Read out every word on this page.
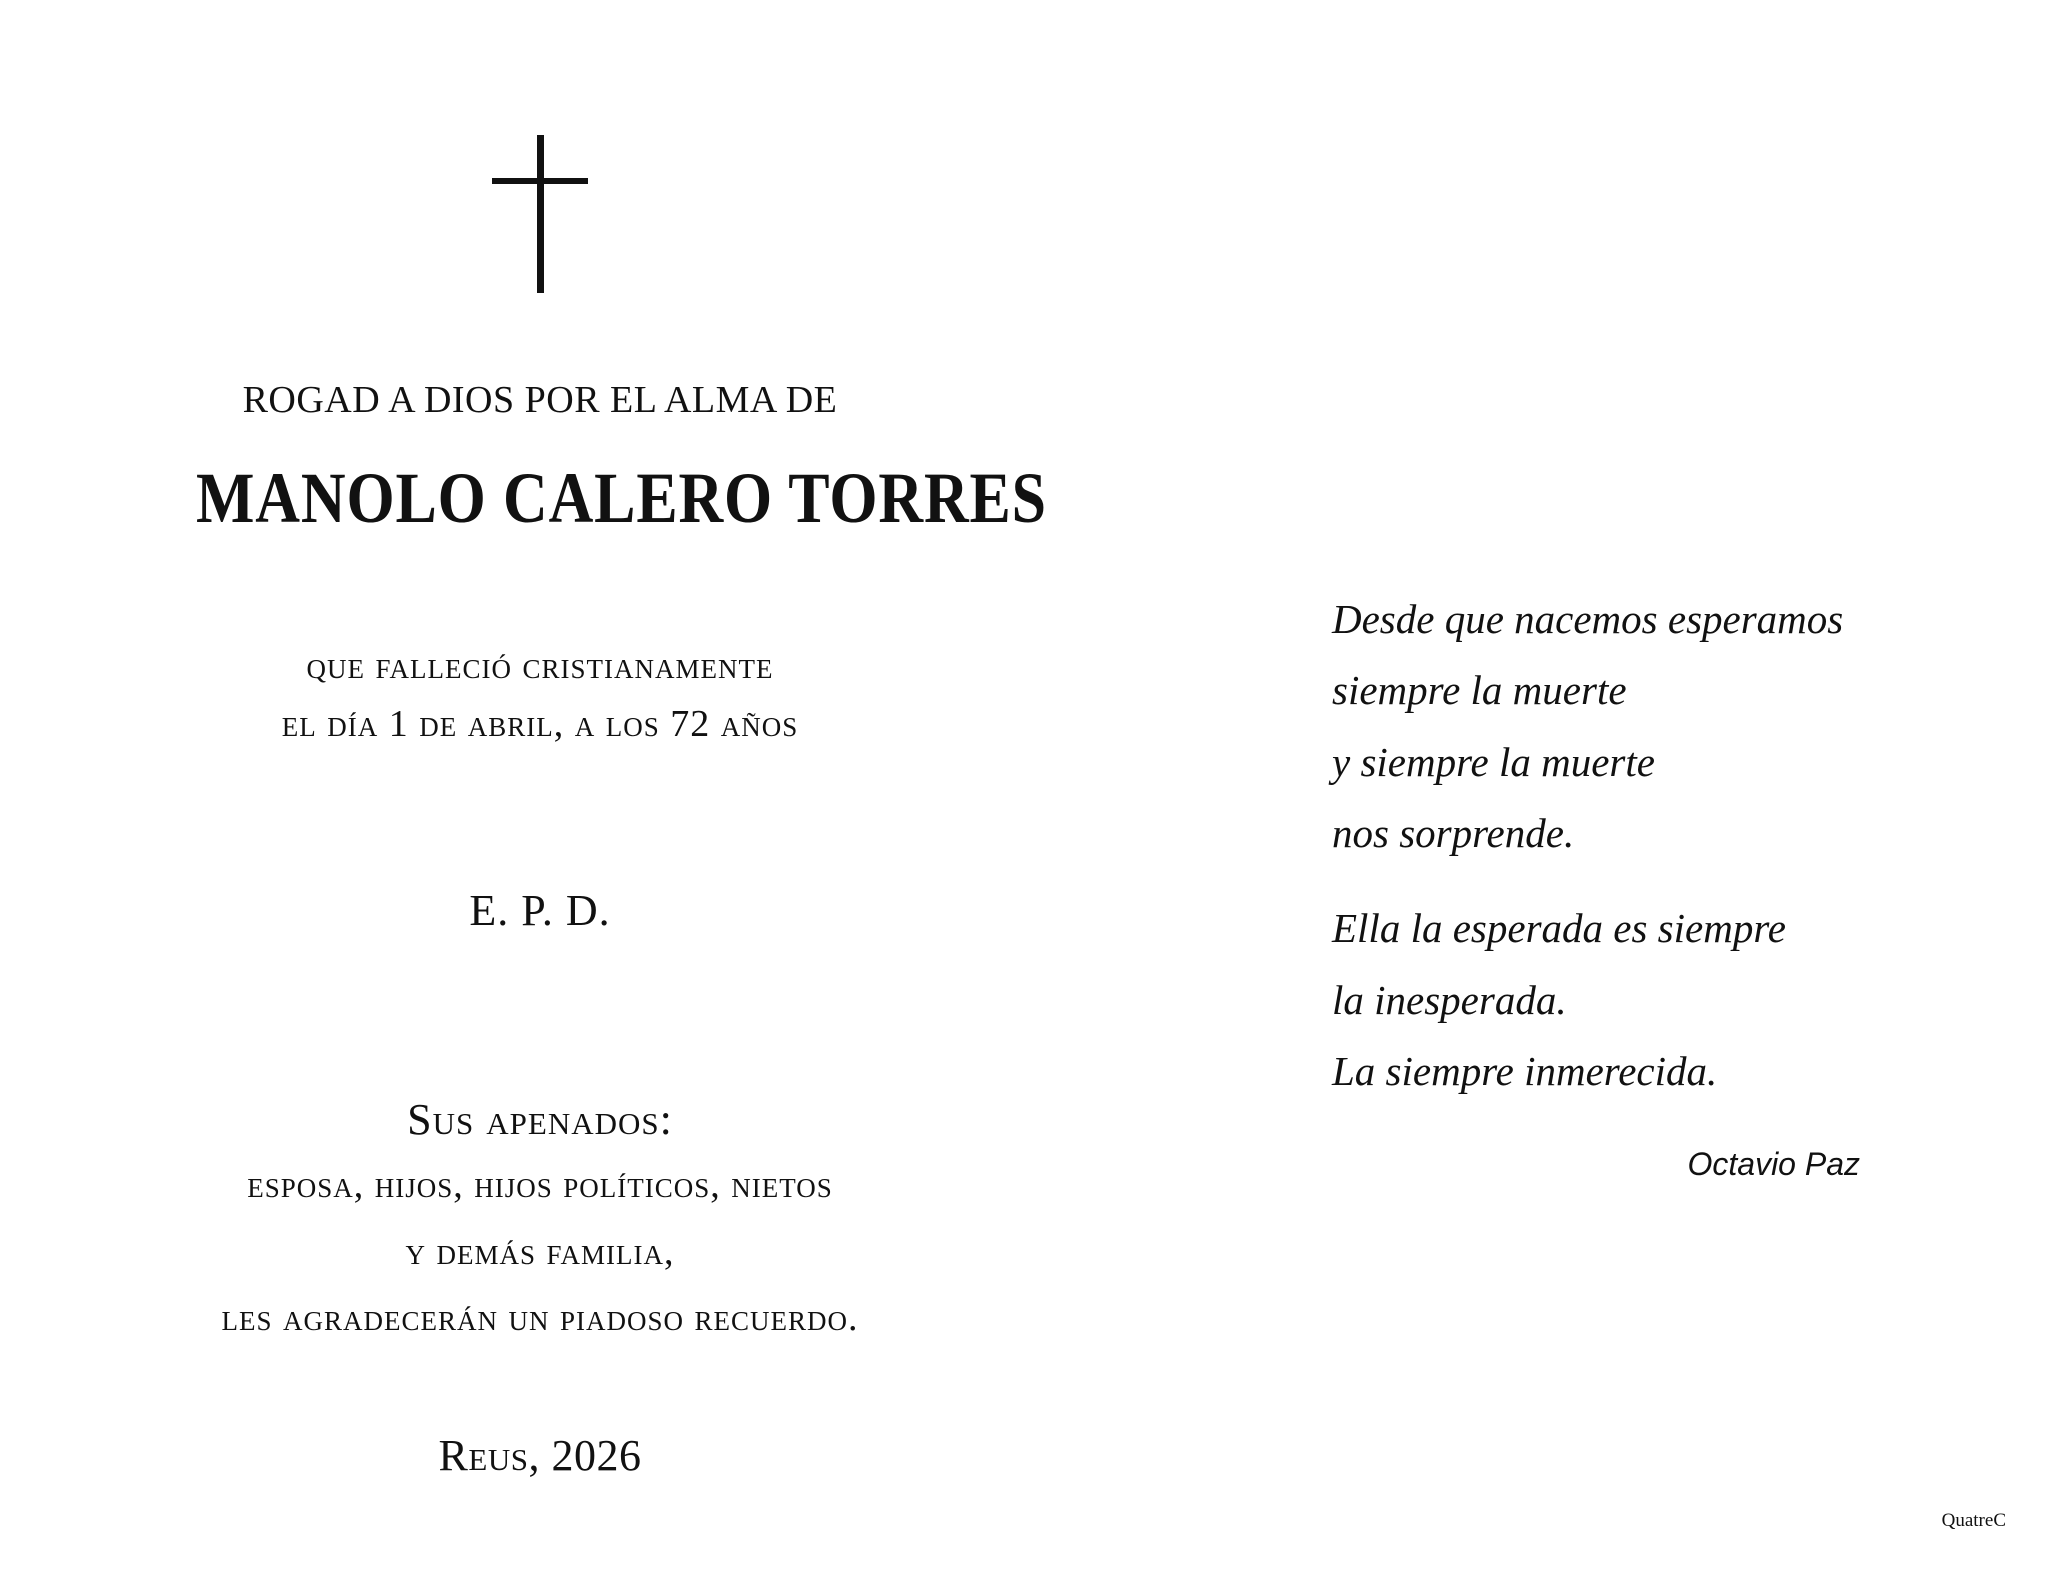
ROGAD A DIOS POR EL ALMA DE
MANOLO CALERO TORRES
que falleció cristianamente
el día 1 de abril, a los 72 años
E. P. D.
Sus apenados:
esposa, hijos, hijos políticos, nietos
y demás familia,
les agradecerán un piadoso recuerdo.
Reus, 2026
Desde que nacemos esperamos
siempre la muerte
y siempre la muerte
nos sorprende.
Ella la esperada es siempre
la inesperada.
La siempre inmerecida.
Octavio Paz
QuatreC
